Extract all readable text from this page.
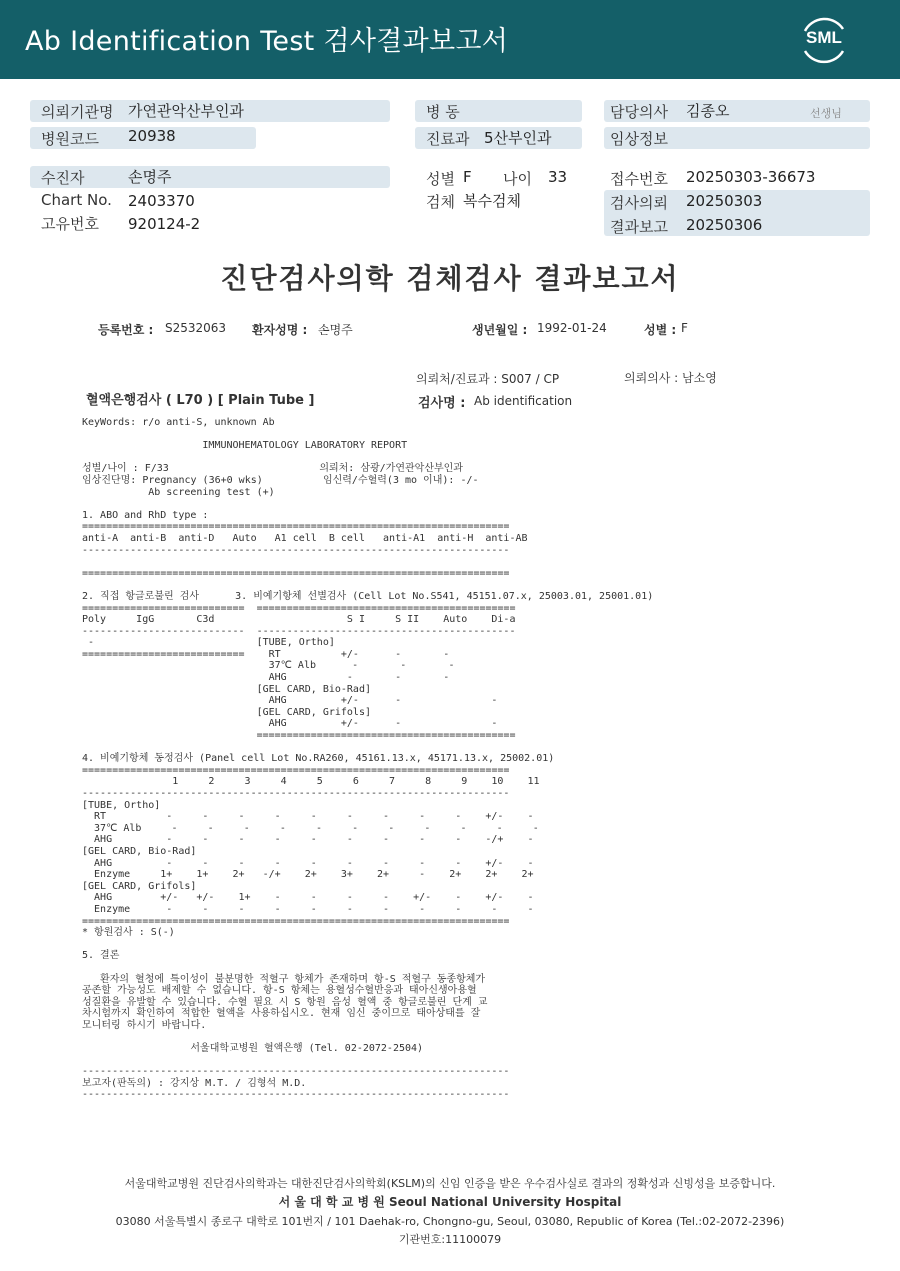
Ab Identification Test 검사결과보고서	SML
의뢰기관명 가연관악산부인과
병원코드 20938
병 동
진료과 5산부인과
담당의사 김종오	선생님
임상정보
수진자	손명주
Chart No. 2403370
고유번호 920124-2
성별 F 나이 33
검체 복수검체
접수번호 20250303-36673
검사의뢰 20250303
결과보고 20250306
진단검사의학 검체검사 결과보고서
등록번호 : S2532063 환자성명 : 손명주	생년월일 : 1992-01-24	성별 : F
의뢰처/진료과 : S007 / CP	의뢰의사 : 남소영
혈액은행검사 ( L70 ) [ Plain Tube ]	검사명 : Ab identification
KeyWords: r/o anti-S, unknown Ab

IMMUNOHEMATOLOGY LABORATORY REPORT

성별/나이 : F/33                         의뢰처: 삼광/가연관악산부인과
임상진단명: Pregnancy (36+0 wks)          임신력/수혈력(3 mo 이내): -/-
Ab screening test (+)

1. ABO and RhD type :
=======================================================================
anti-A  anti-B  anti-D   Auto   A1 cell  B cell   anti-A1  anti-H  anti-AB
-----------------------------------------------------------------------

=======================================================================

2. 직접 항글로불린 검사      3. 비예기항체 선별검사 (Cell Lot No.S541, 45151.07.x, 25003.01, 25001.01)
===========================  ===========================================
Poly     IgG       C3d                      S I     S II    Auto    Di-a
---------------------------  -------------------------------------------
-                           [TUBE, Ortho]
===========================    RT          +/-      -       -
37℃ Alb      -       -       -
AHG          -       -       -
[GEL CARD, Bio-Rad]
AHG         +/-      -               -
[GEL CARD, Grifols]
AHG         +/-      -               -
===========================================

4. 비예기항체 동정검사 (Panel cell Lot No.RA260, 45161.13.x, 45171.13.x, 25002.01)
=======================================================================
1     2     3     4     5     6     7     8     9    10    11
-----------------------------------------------------------------------
[TUBE, Ortho]
RT          -     -     -     -     -     -     -     -     -    +/-    -
37℃ Alb     -     -     -     -     -     -     -     -     -     -     -
AHG         -     -     -     -     -     -     -     -     -    -/+    -
[GEL CARD, Bio-Rad]
AHG         -     -     -     -     -     -     -     -     -    +/-    -
Enzyme     1+    1+    2+   -/+    2+    3+    2+     -    2+    2+    2+
[GEL CARD, Grifols]
AHG        +/-   +/-    1+    -     -     -     -    +/-    -    +/-    -
Enzyme      -     -     -     -     -     -     -     -     -     -     -
=======================================================================
* 항원검사 : S(-)

5. 결론

환자의 혈청에 특이성이 불분명한 적혈구 항체가 존재하며 항-S 적혈구 동종항체가
공존할 가능성도 배제할 수 없습니다. 항-S 항체는 용혈성수혈반응과 태아신생아용혈
성질환을 유발할 수 있습니다. 수혈 필요 시 S 항원 음성 혈액 중 항글로불린 단계 교
차시험까지 확인하여 적합한 혈액을 사용하십시오. 현재 임신 중이므로 태아상태를 잘
모니터링 하시기 바랍니다.

서울대학교병원 혈액은행 (Tel. 02-2072-2504)

-----------------------------------------------------------------------
보고자(판독의) : 강지상 M.T. / 김형석 M.D.
-----------------------------------------------------------------------
서울대학교병원 진단검사의학과는 대한진단검사의학회(KSLM)의 신임 인증을 받은 우수검사실로 결과의 정확성과 신빙성을 보증합니다.
서 울 대 학 교 병 원 Seoul National University Hospital
03080 서울특별시 종로구 대학로 101번지 / 101 Daehak-ro, Chongno-gu, Seoul, 03080, Republic of Korea (Tel.:02-2072-2396)
기관번호:11100079
